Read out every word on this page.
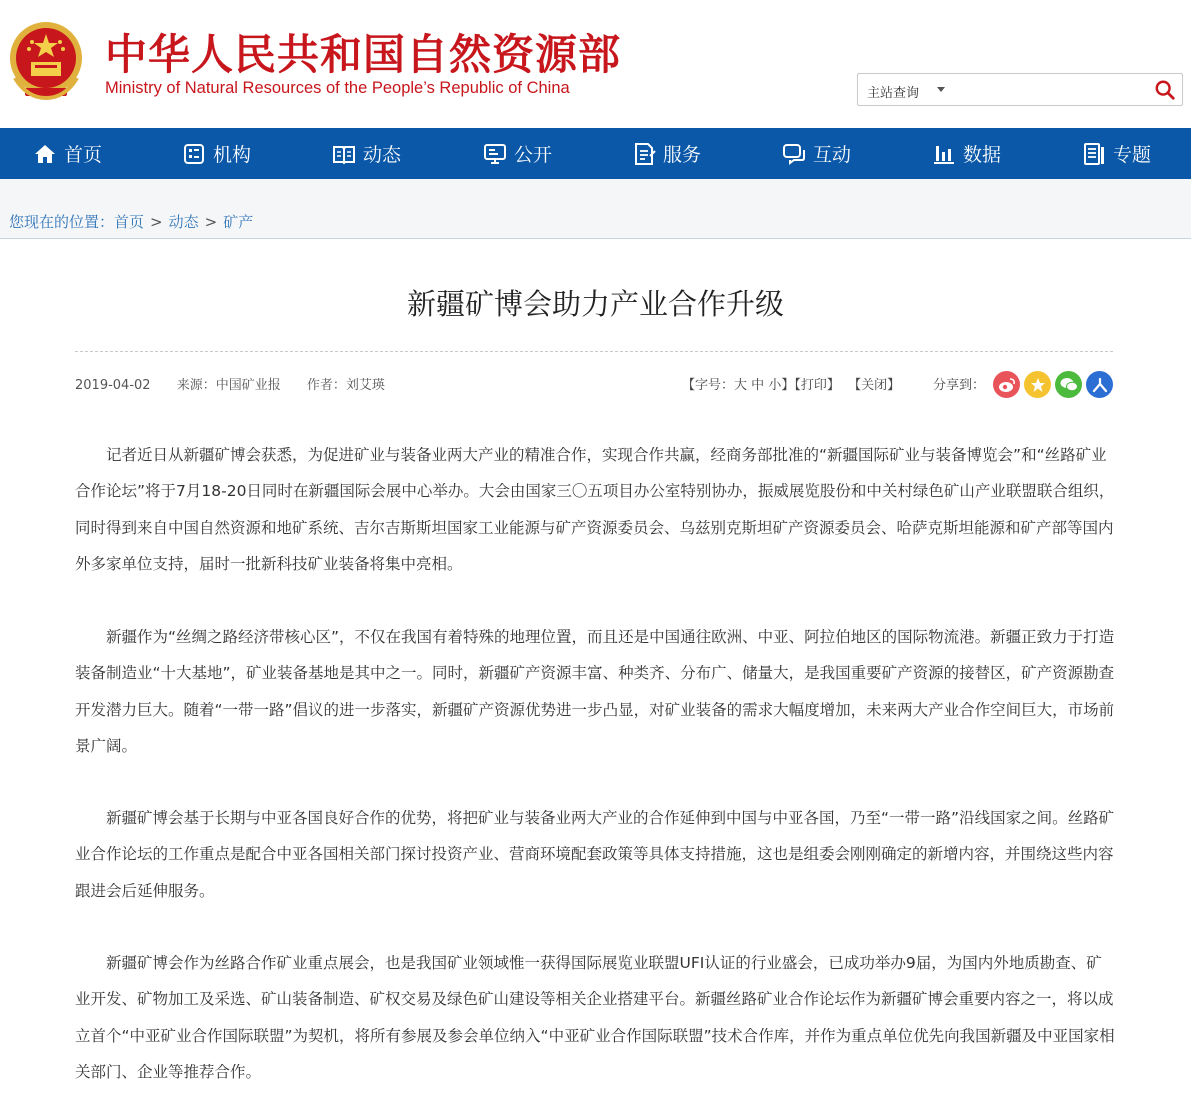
中华人民共和国自然资源部
Ministry of Natural Resources of the People’s Republic of China	主站查询
首页	机构	动态	公开	服务	互动	数据	专题
您现在的位置：首页 > 动态 > 矿产
新疆矿博会助力产业合作升级
2019-04-02 来源：中国矿业报 作者：刘艾瑛	【字号：大 中 小】【打印】 【关闭】	分享到：

记者近日从新疆矿博会获悉，为促进矿业与装备业两大产业的精准合作，实现合作共赢，经商务部批准的“新疆国际矿业与装备博览会”和“丝路矿业合作论坛”将于7月18-20日同时在新疆国际会展中心举办。大会由国家三〇五项目办公室特别协办，振威展览股份和中关村绿色矿山产业联盟联合组织，同时得到来自中国自然资源和地矿系统、吉尔吉斯斯坦国家工业能源与矿产资源委员会、乌兹别克斯坦矿产资源委员会、哈萨克斯坦能源和矿产部等国内外多家单位支持，届时一批新科技矿业装备将集中亮相。

新疆作为“丝绸之路经济带核心区”，不仅在我国有着特殊的地理位置，而且还是中国通往欧洲、中亚、阿拉伯地区的国际物流港。新疆正致力于打造装备制造业“十大基地”，矿业装备基地是其中之一。同时，新疆矿产资源丰富、种类齐、分布广、储量大，是我国重要矿产资源的接替区，矿产资源勘查开发潜力巨大。随着“一带一路”倡议的进一步落实，新疆矿产资源优势进一步凸显，对矿业装备的需求大幅度增加，未来两大产业合作空间巨大，市场前景广阔。

新疆矿博会基于长期与中亚各国良好合作的优势，将把矿业与装备业两大产业的合作延伸到中国与中亚各国，乃至“一带一路”沿线国家之间。丝路矿业合作论坛的工作重点是配合中亚各国相关部门探讨投资产业、营商环境配套政策等具体支持措施，这也是组委会刚刚确定的新增内容，并围绕这些内容跟进会后延伸服务。

新疆矿博会作为丝路合作矿业重点展会，也是我国矿业领域惟一获得国际展览业联盟UFI认证的行业盛会，已成功举办9届，为国内外地质勘查、矿业开发、矿物加工及采选、矿山装备制造、矿权交易及绿色矿山建设等相关企业搭建平台。新疆丝路矿业合作论坛作为新疆矿博会重要内容之一，将以成立首个“中亚矿业合作国际联盟”为契机，将所有参展及参会单位纳入“中亚矿业合作国际联盟”技术合作库，并作为重点单位优先向我国新疆及中亚国家相关部门、企业等推荐合作。
